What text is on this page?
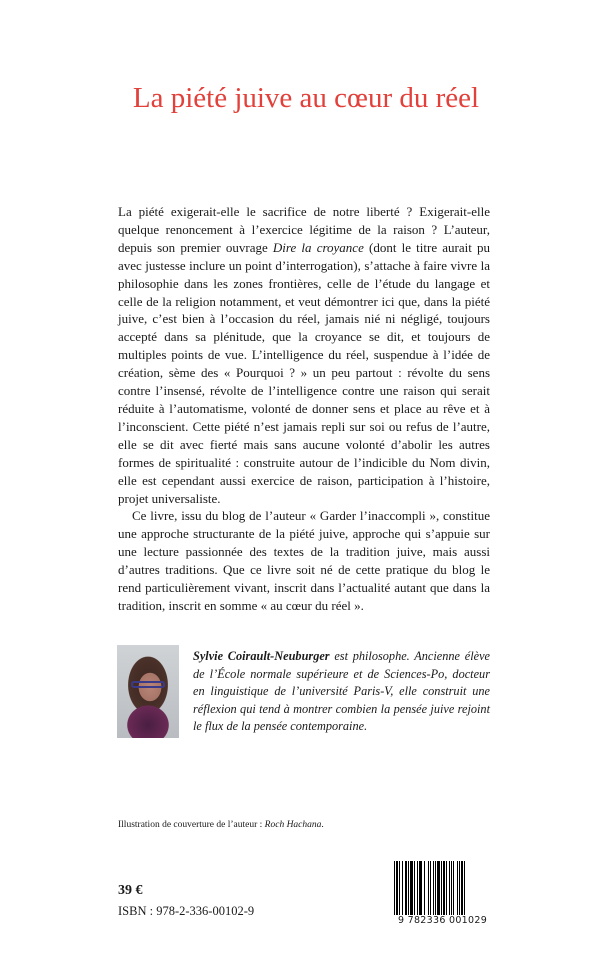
La piété juive au cœur du réel

La piété exigerait-elle le sacrifice de notre liberté ? Exigerait-elle quelque renoncement à l’exercice légitime de la raison ? L’auteur, depuis son premier ouvrage Dire la croyance (dont le titre aurait pu avec justesse inclure un point d’interrogation), s’attache à faire vivre la philosophie dans les zones frontières, celle de l’étude du langage et celle de la religion notamment, et veut démontrer ici que, dans la piété juive, c’est bien à l’occasion du réel, jamais nié ni négligé, toujours accepté dans sa plénitude, que la croyance se dit, et toujours de multiples points de vue. L’intelligence du réel, suspendue à l’idée de création, sème des « Pourquoi ? » un peu partout : révolte du sens contre l’insensé, révolte de l’intelligence contre une raison qui serait réduite à l’automatisme, volonté de donner sens et place au rêve et à l’inconscient. Cette piété n’est jamais repli sur soi ou refus de l’autre, elle se dit avec fierté mais sans aucune volonté d’abolir les autres formes de spiritualité : construite autour de l’indicible du Nom divin, elle est cependant aussi exercice de raison, participation à l’histoire, projet universaliste.

Ce livre, issu du blog de l’auteur « Garder l’inaccompli », constitue une approche structurante de la piété juive, approche qui s’appuie sur une lecture passionnée des textes de la tradition juive, mais aussi d’autres traditions. Que ce livre soit né de cette pratique du blog le rend particulièrement vivant, inscrit dans l’actualité autant que dans la tradition, inscrit en somme « au cœur du réel ».

Sylvie Coirault-Neuburger est philosophe. Ancienne élève de l’École normale supérieure et de Sciences-Po, docteur en linguistique de l’université Paris-V, elle construit une réflexion qui tend à montrer combien la pensée juive rejoint le flux de la pensée contemporaine.
Illustration de couverture de l’auteur : Roch Hachana.
39 €
ISBN : 978-2-336-00102-9
9 782336 001029
